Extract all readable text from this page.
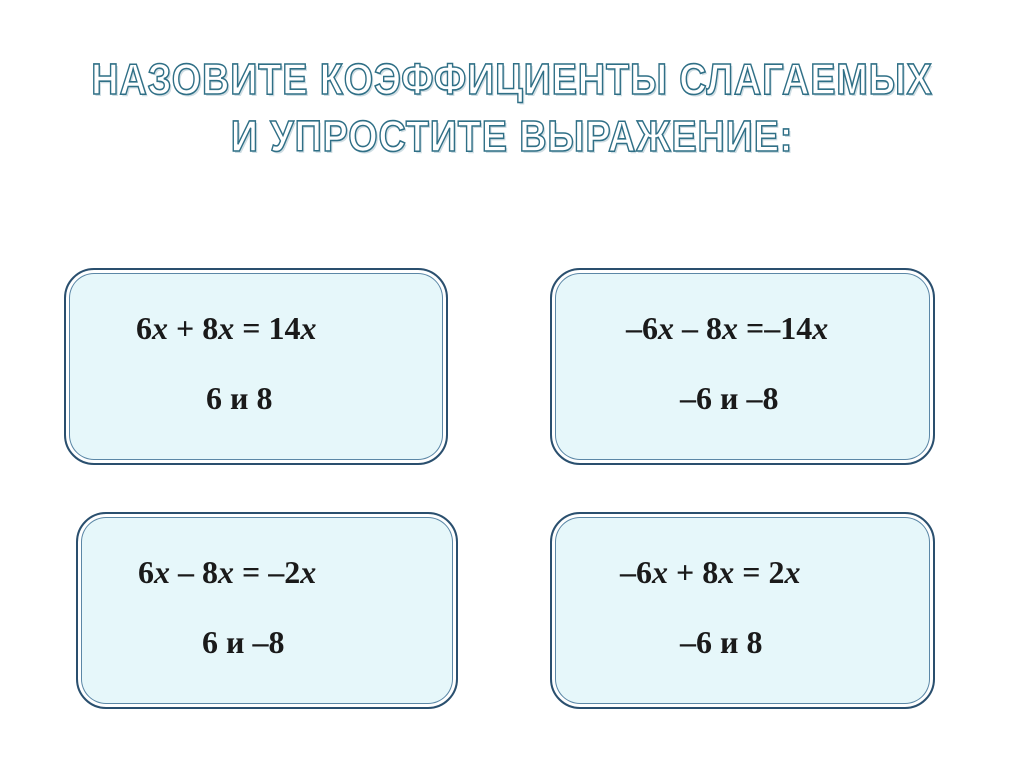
НАЗОВИТЕ КОЭФФИЦИЕНТЫ СЛАГАЕМЫХ
И УПРОСТИТЕ ВЫРАЖЕНИЕ:
6x + 8x = 14x
6 и 8
–6x – 8x =–14x
–6 и –8
6x – 8x = –2x
6 и –8
–6x + 8x = 2x
–6 и 8
